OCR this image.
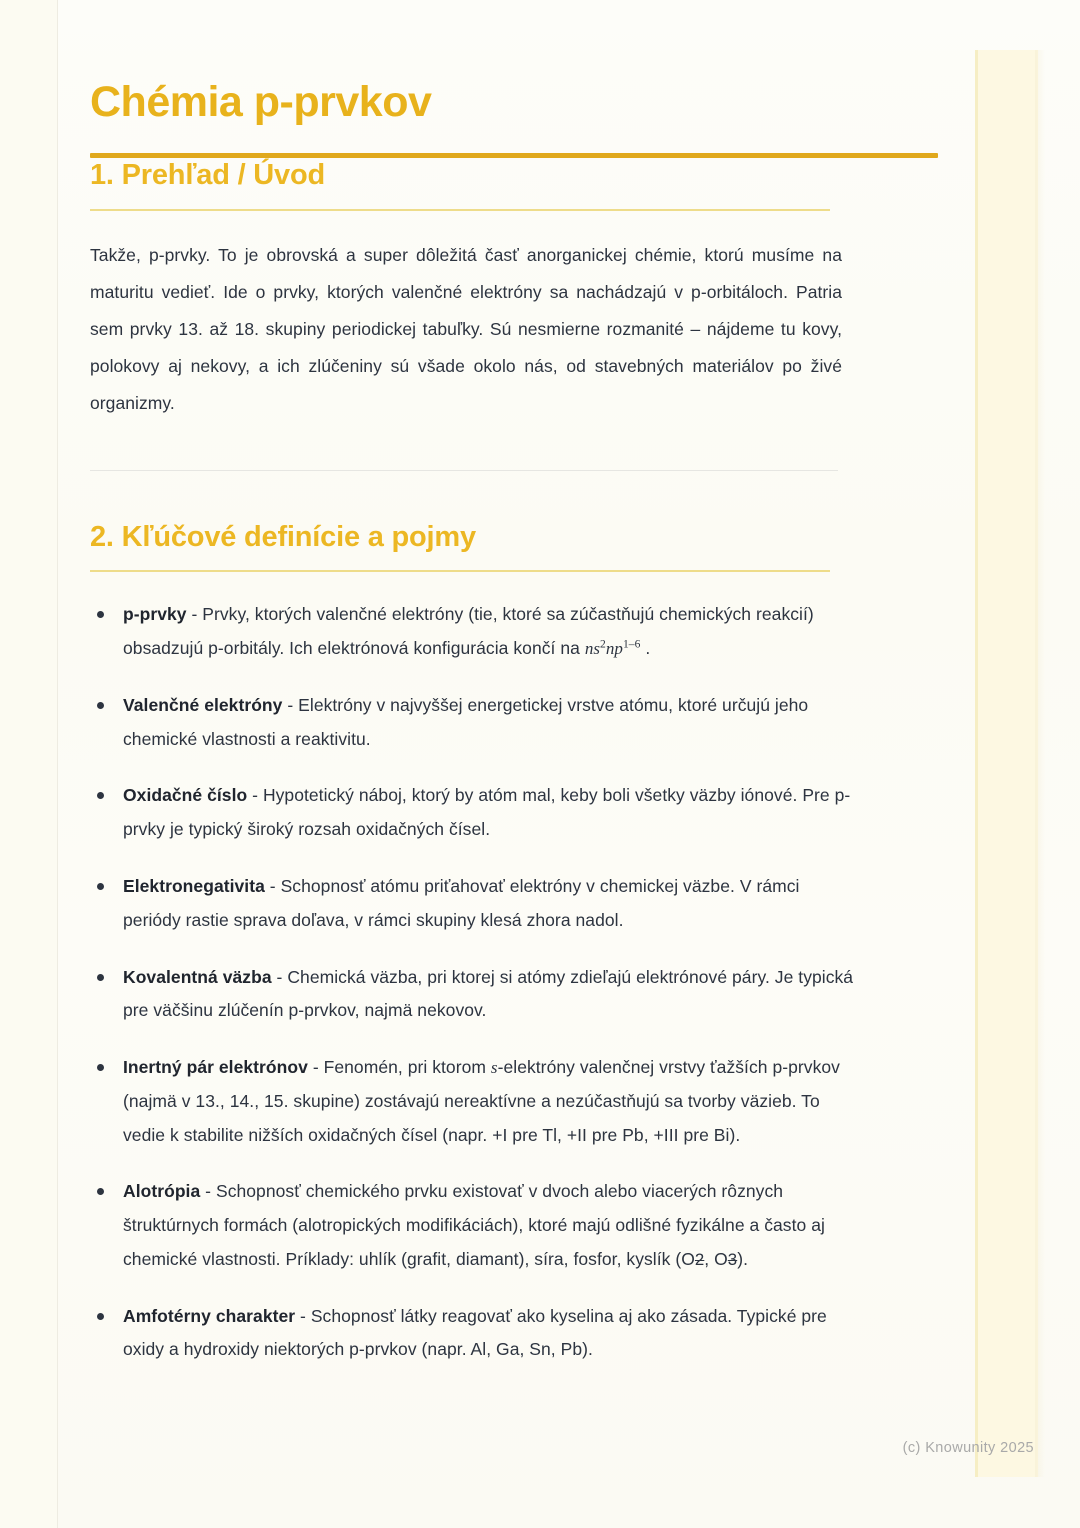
Chémia p-prvkov
1. Prehľad / Úvod

Takže, p-prvky. To je obrovská a super dôležitá časť anorganickej chémie, ktorú musíme na maturitu vedieť. Ide o prvky, ktorých valenčné elektróny sa nachádzajú v p-orbitáloch. Patria sem prvky 13. až 18. skupiny periodickej tabuľky. Sú nesmierne rozmanité – nájdeme tu kovy, polokovy aj nekovy, a ich zlúčeniny sú všade okolo nás, od stavebných materiálov po živé organizmy.

2. Kľúčové definície a pojmy
p-prvky - Prvky, ktorých valenčné elektróny (tie, ktoré sa zúčastňujú chemických reakcií) obsadzujú p-orbitály. Ich elektrónová konfigurácia končí na $ns^2np^{1-6}$ .
Valenčné elektróny - Elektróny v najvyššej energetickej vrstve atómu, ktoré určujú jeho chemické vlastnosti a reaktivitu.
Oxidačné číslo - Hypotetický náboj, ktorý by atóm mal, keby boli všetky väzby iónové. Pre p-prvky je typický široký rozsah oxidačných čísel.
Elektronegativita - Schopnosť atómu priťahovať elektróny v chemickej väzbe. V rámci periódy rastie sprava doľava, v rámci skupiny klesá zhora nadol.
Kovalentná väzba - Chemická väzba, pri ktorej si atómy zdieľajú elektrónové páry. Je typická pre väčšinu zlúčenín p-prvkov, najmä nekovov.
Inertný pár elektrónov - Fenomén, pri ktorom s-elektróny valenčnej vrstvy ťažších p-prvkov (najmä v 13., 14., 15. skupine) zostávajú nereaktívne a nezúčastňujú sa tvorby väzieb. To vedie k stabilite nižších oxidačných čísel (napr. +I pre Tl, +II pre Pb, +III pre Bi).
Alotrópia - Schopnosť chemického prvku existovať v dvoch alebo viacerých rôznych štruktúrnych formách (alotropických modifikáciách), ktoré majú odlišné fyzikálne a často aj chemické vlastnosti. Príklady: uhlík (grafit, diamant), síra, fosfor, kyslík (O2, O3).
Amfotérny charakter - Schopnosť látky reagovať ako kyselina aj ako zásada. Typické pre oxidy a hydroxidy niektorých p-prvkov (napr. Al, Ga, Sn, Pb).
(c) Knowunity 2025
